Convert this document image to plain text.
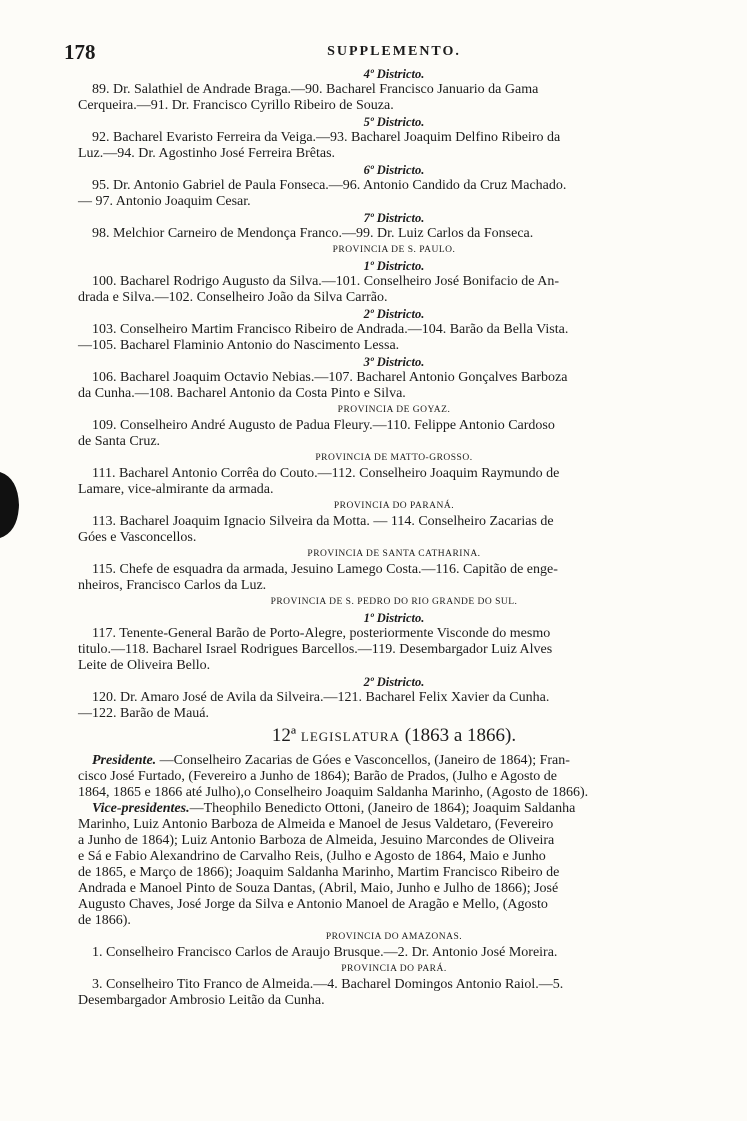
178	SUPPLEMENTO.
4º Districto.
89. Dr. Salathiel de Andrade Braga.—90. Bacharel Francisco Januario da Gama
Cerqueira.—91. Dr. Francisco Cyrillo Ribeiro de Souza.
5º Districto.
92. Bacharel Evaristo Ferreira da Veiga.—93. Bacharel Joaquim Delfino Ribeiro da
Luz.—94. Dr. Agostinho José Ferreira Brêtas.
6º Districto.
95. Dr. Antonio Gabriel de Paula Fonseca.—96. Antonio Candido da Cruz Machado.
— 97. Antonio Joaquim Cesar.
7º Districto.
98. Melchior Carneiro de Mendonça Franco.—99. Dr. Luiz Carlos da Fonseca.
PROVINCIA DE S. PAULO.
1º Districto.
100. Bacharel Rodrigo Augusto da Silva.—101. Conselheiro José Bonifacio de An-
drada e Silva.—102. Conselheiro João da Silva Carrão.
2º Districto.
103. Conselheiro Martim Francisco Ribeiro de Andrada.—104. Barão da Bella Vista.
—105. Bacharel Flaminio Antonio do Nascimento Lessa.
3º Districto.
106. Bacharel Joaquim Octavio Nebias.—107. Bacharel Antonio Gonçalves Barboza
da Cunha.—108. Bacharel Antonio da Costa Pinto e Silva.
PROVINCIA DE GOYAZ.
109. Conselheiro André Augusto de Padua Fleury.—110. Felippe Antonio Cardoso
de Santa Cruz.
PROVINCIA DE MATTO-GROSSO.
111. Bacharel Antonio Corrêa do Couto.—112. Conselheiro Joaquim Raymundo de
Lamare, vice-almirante da armada.
PROVINCIA DO PARANÁ.
113. Bacharel Joaquim Ignacio Silveira da Motta. — 114. Conselheiro Zacarias de
Góes e Vasconcellos.
PROVINCIA DE SANTA CATHARINA.
115. Chefe de esquadra da armada, Jesuino Lamego Costa.—116. Capitão de enge-
nheiros, Francisco Carlos da Luz.
PROVINCIA DE S. PEDRO DO RIO GRANDE DO SUL.
1º Districto.
117. Tenente-General Barão de Porto-Alegre, posteriormente Visconde do mesmo
titulo.—118. Bacharel Israel Rodrigues Barcellos.—119. Desembargador Luiz Alves
Leite de Oliveira Bello.
2º Districto.
120. Dr. Amaro José de Avila da Silveira.—121. Bacharel Felix Xavier da Cunha.
—122. Barão de Mauá.
12ª LEGISLATURA (1863 a 1866).
Presidente. —Conselheiro Zacarias de Góes e Vasconcellos, (Janeiro de 1864); Fran-
cisco José Furtado, (Fevereiro a Junho de 1864); Barão de Prados, (Julho e Agosto de
1864, 1865 e 1866 até Julho),o Conselheiro Joaquim Saldanha Marinho, (Agosto de 1866).
Vice-presidentes.—Theophilo Benedicto Ottoni, (Janeiro de 1864); Joaquim Saldanha
Marinho, Luiz Antonio Barboza de Almeida e Manoel de Jesus Valdetaro, (Fevereiro
a Junho de 1864); Luiz Antonio Barboza de Almeida, Jesuino Marcondes de Oliveira
e Sá e Fabio Alexandrino de Carvalho Reis, (Julho e Agosto de 1864, Maio e Junho
de 1865, e Março de 1866); Joaquim Saldanha Marinho, Martim Francisco Ribeiro de
Andrada e Manoel Pinto de Souza Dantas, (Abril, Maio, Junho e Julho de 1866); José
Augusto Chaves, José Jorge da Silva e Antonio Manoel de Aragão e Mello, (Agosto
de 1866).
PROVINCIA DO AMAZONAS.
1. Conselheiro Francisco Carlos de Araujo Brusque.—2. Dr. Antonio José Moreira.
PROVINCIA DO PARÁ.
3. Conselheiro Tito Franco de Almeida.—4. Bacharel Domingos Antonio Raiol.—5.
Desembargador Ambrosio Leitão da Cunha.
